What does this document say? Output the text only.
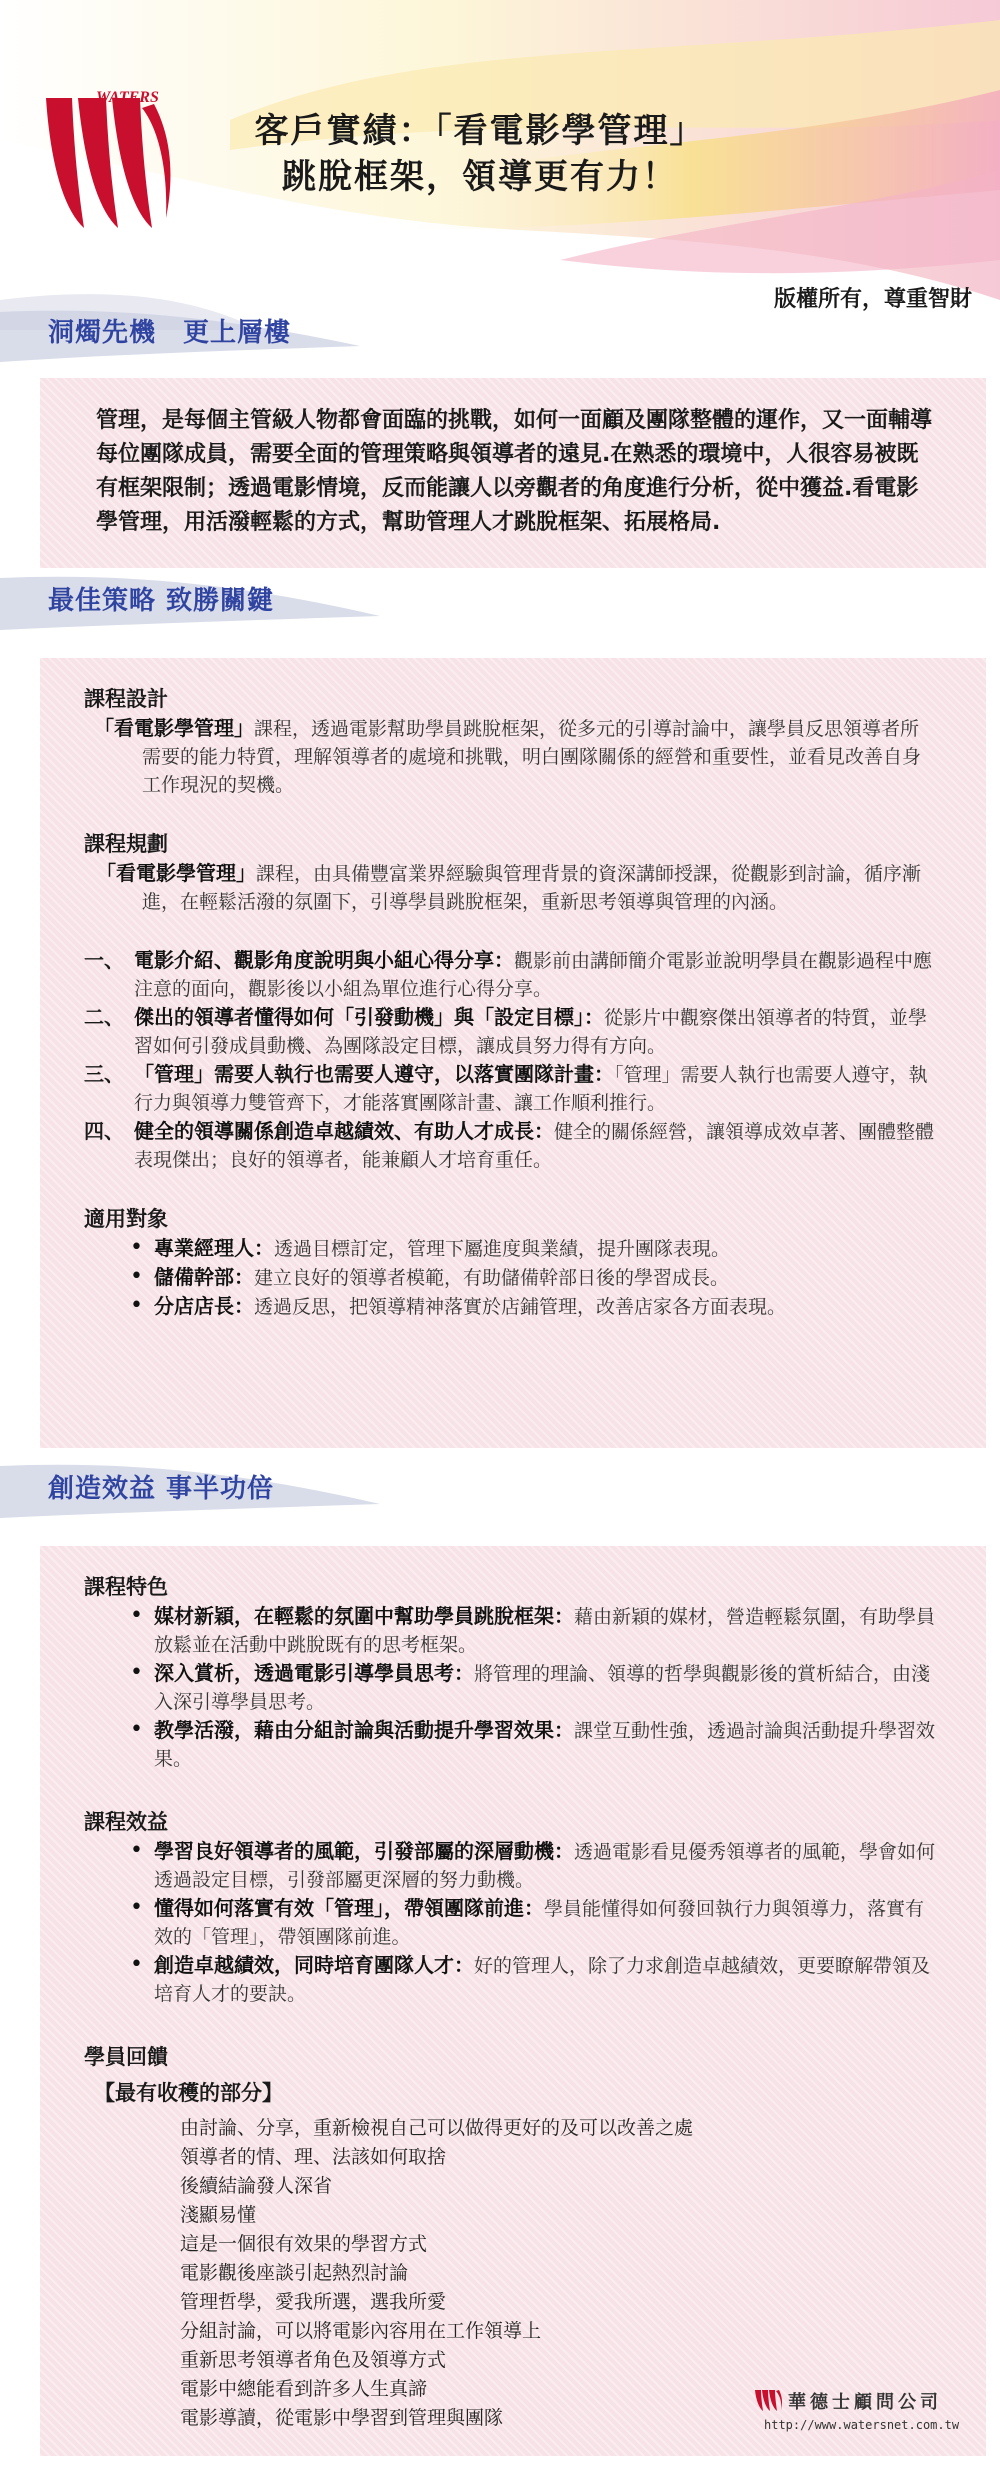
WATERS
客戶實績：「看電影學管理」
跳脫框架，領導更有力！
版權所有，尊重智財
洞燭先機　更上層樓
管理，是每個主管級人物都會面臨的挑戰，如何一面顧及團隊整體的運作，又一面輔導每位團隊成員，需要全面的管理策略與領導者的遠見.在熟悉的環境中，人很容易被既有框架限制；透過電影情境，反而能讓人以旁觀者的角度進行分析，從中獲益.看電影學管理，用活潑輕鬆的方式，幫助管理人才跳脫框架、拓展格局.
最佳策略 致勝關鍵
課程設計
「看電影學管理」課程，透過電影幫助學員跳脫框架，從多元的引導討論中，讓學員反思領導者所需要的能力特質，理解領導者的處境和挑戰，明白團隊關係的經營和重要性，並看見改善自身工作現況的契機。
課程規劃
「看電影學管理」課程，由具備豐富業界經驗與管理背景的資深講師授課，從觀影到討論，循序漸進，在輕鬆活潑的氛圍下，引導學員跳脫框架，重新思考領導與管理的內涵。
一、 電影介紹、觀影角度說明與小組心得分享：觀影前由講師簡介電影並說明學員在觀影過程中應注意的面向，觀影後以小組為單位進行心得分享。
二、 傑出的領導者懂得如何「引發動機」與「設定目標」：從影片中觀察傑出領導者的特質，並學習如何引發成員動機、為團隊設定目標，讓成員努力得有方向。
三、 「管理」需要人執行也需要人遵守，以落實團隊計畫：「管理」需要人執行也需要人遵守，執行力與領導力雙管齊下，才能落實團隊計畫、讓工作順利推行。
四、 健全的領導關係創造卓越績效、有助人才成長：健全的關係經營，讓領導成效卓著、團體整體表現傑出；良好的領導者，能兼顧人才培育重任。
適用對象
• 專業經理人：透過目標訂定，管理下屬進度與業績，提升團隊表現。
• 儲備幹部：建立良好的領導者模範，有助儲備幹部日後的學習成長。
• 分店店長：透過反思，把領導精神落實於店鋪管理，改善店家各方面表現。
創造效益 事半功倍
課程特色
• 媒材新穎，在輕鬆的氛圍中幫助學員跳脫框架：藉由新穎的媒材，營造輕鬆氛圍，有助學員放鬆並在活動中跳脫既有的思考框架。
• 深入賞析，透過電影引導學員思考：將管理的理論、領導的哲學與觀影後的賞析結合，由淺入深引導學員思考。
• 教學活潑，藉由分組討論與活動提升學習效果：課堂互動性強，透過討論與活動提升學習效果。
課程效益
• 學習良好領導者的風範，引發部屬的深層動機：透過電影看見優秀領導者的風範，學會如何透過設定目標，引發部屬更深層的努力動機。
• 懂得如何落實有效「管理」，帶領團隊前進：學員能懂得如何發回執行力與領導力，落實有效的「管理」，帶領團隊前進。
• 創造卓越績效，同時培育團隊人才：好的管理人，除了力求創造卓越績效，更要瞭解帶領及培育人才的要訣。
學員回饋
【最有收穫的部分】
由討論、分享，重新檢視自己可以做得更好的及可以改善之處
領導者的情、理、法該如何取捨
後續結論發人深省
淺顯易懂
這是一個很有效果的學習方式
電影觀後座談引起熱烈討論
管理哲學，愛我所選，選我所愛
分組討論，可以將電影內容用在工作領導上
重新思考領導者角色及領導方式
電影中總能看到許多人生真諦
電影導讀，從電影中學習到管理與團隊
華德士顧問公司
http://www.watersnet.com.tw
